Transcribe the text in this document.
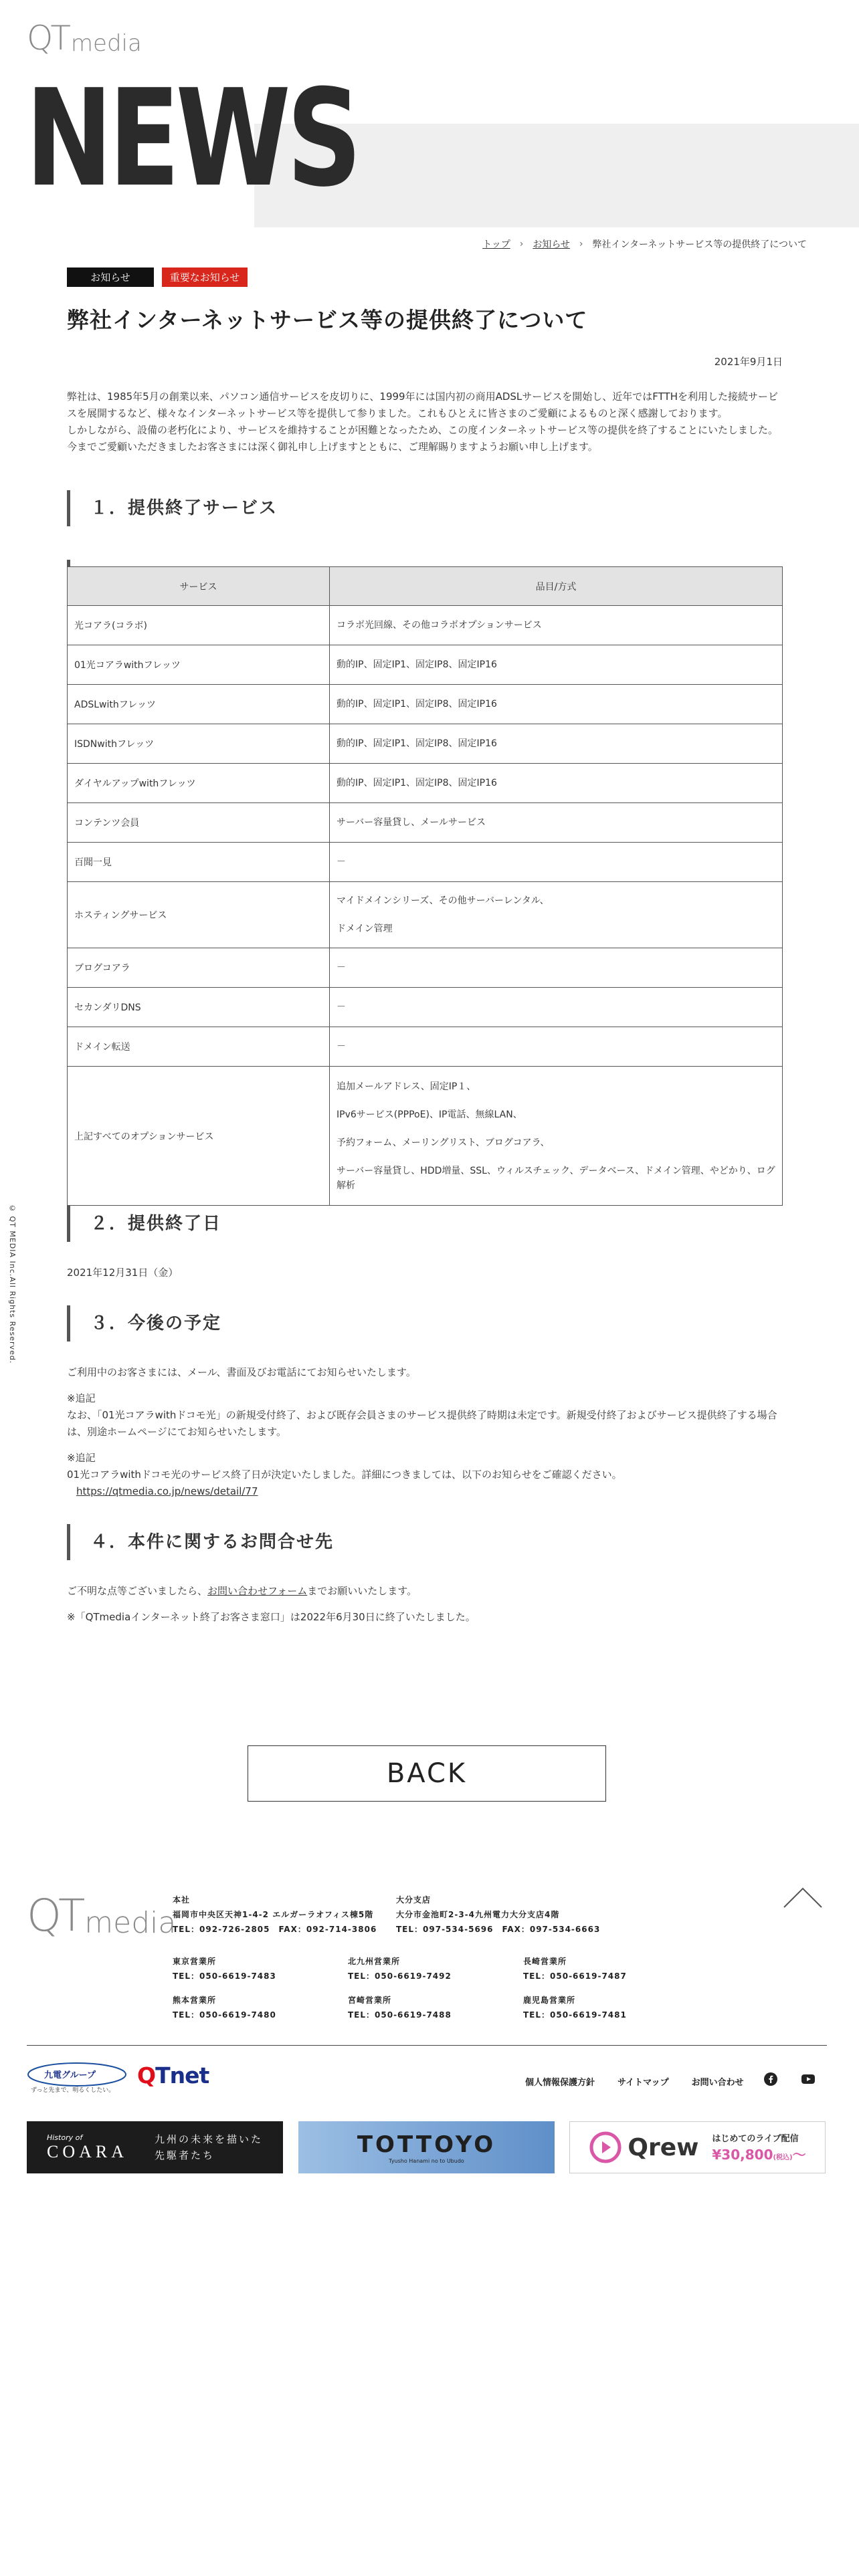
QT media
NEWS
トップ › お知らせ › 弊社インターネットサービス等の提供終了について
© QT MEDIA Inc.All Rights Reserved.
お知らせ	重要なお知らせ
弊社インターネットサービス等の提供終了について
2021年9月1日

弊社は、1985年5月の創業以来、パソコン通信サービスを皮切りに、1999年には国内初の商用ADSLサービスを開始し、近年ではFTTHを利用した接続サービスを展開するなど、様々なインターネットサービス等を提供して参りました。これもひとえに皆さまのご愛顧によるものと深く感謝しております。

しかしながら、設備の老朽化により、サービスを維持することが困難となったため、この度インターネットサービス等の提供を終了することにいたしました。

今までご愛顧いただきましたお客さまには深く御礼申し上げますとともに、ご理解賜りますようお願い申し上げます。

１．提供終了サービス
サービス	品目/方式
光コアラ(コラボ)	コラボ光回線、その他コラボオプションサービス

01光コアラwithフレッツ	動的IP、固定IP1、固定IP8、固定IP16

ADSLwithフレッツ	動的IP、固定IP1、固定IP8、固定IP16

ISDNwithフレッツ	動的IP、固定IP1、固定IP8、固定IP16

ダイヤルアップwithフレッツ	動的IP、固定IP1、固定IP8、固定IP16

コンテンツ会員	サーバー容量貸し、メールサービス

百聞一見	－

ホスティングサービス	マイドメインシリーズ、その他サーバーレンタル、

ドメイン管理

ブログコアラ	－

セカンダリDNS	－

ドメイン転送	－

上記すべてのオプションサービス	追加メールアドレス、固定IP１、

IPv6サービス(PPPoE)、IP電話、無線LAN、

予約フォーム、メーリングリスト、ブログコアラ、

サーバー容量貸し、HDD増量、SSL、ウィルスチェック、データベース、ドメイン管理、やどかり、ログ解析

２．提供終了日
2021年12月31日（金）
３．今後の予定
ご利用中のお客さまには、メール、書面及びお電話にてお知らせいたします。
※追記
なお、「01光コアラwithドコモ光」の新規受付終了、および既存会員さまのサービス提供終了時期は未定です。新規受付終了およびサービス提供終了する場合は、別途ホームページにてお知らせいたします。
※追記
01光コアラwithドコモ光のサービス終了日が決定いたしました。詳細につきましては、以下のお知らせをご確認ください。
https://qtmedia.co.jp/news/detail/77
４．本件に関するお問合せ先
ご不明な点等ございましたら、お問い合わせフォームまでお願いいたします。
※「QTmediaインターネット終了お客さま窓口」は2022年6月30日に終了いたしました。
BACK
QT media
本社
福岡市中央区天神1-4-2 エルガーラオフィス棟5階
TEL：092-726-2805　FAX：092-714-3806
大分支店
大分市金池町2-3-4九州電力大分支店4階
TEL：097-534-5696　FAX：097-534-6663
東京営業所
TEL：050-6619-7483
北九州営業所
TEL：050-6619-7492
長崎営業所
TEL：050-6619-7487
熊本営業所
TEL：050-6619-7480
宮崎営業所
TEL：050-6619-7488
鹿児島営業所
TEL：050-6619-7481
九電グループ
ずっと先まで、明るくしたい。
QTnet	個人情報保護方針	サイトマップ	お問い合わせ
History of
COARA
九州の未来を描いた
先駆者たち	TOTTOYO
Tyusho Hanami no to Ubudo	Qrew はじめてのライブ配信
¥30,800(税込)〜
